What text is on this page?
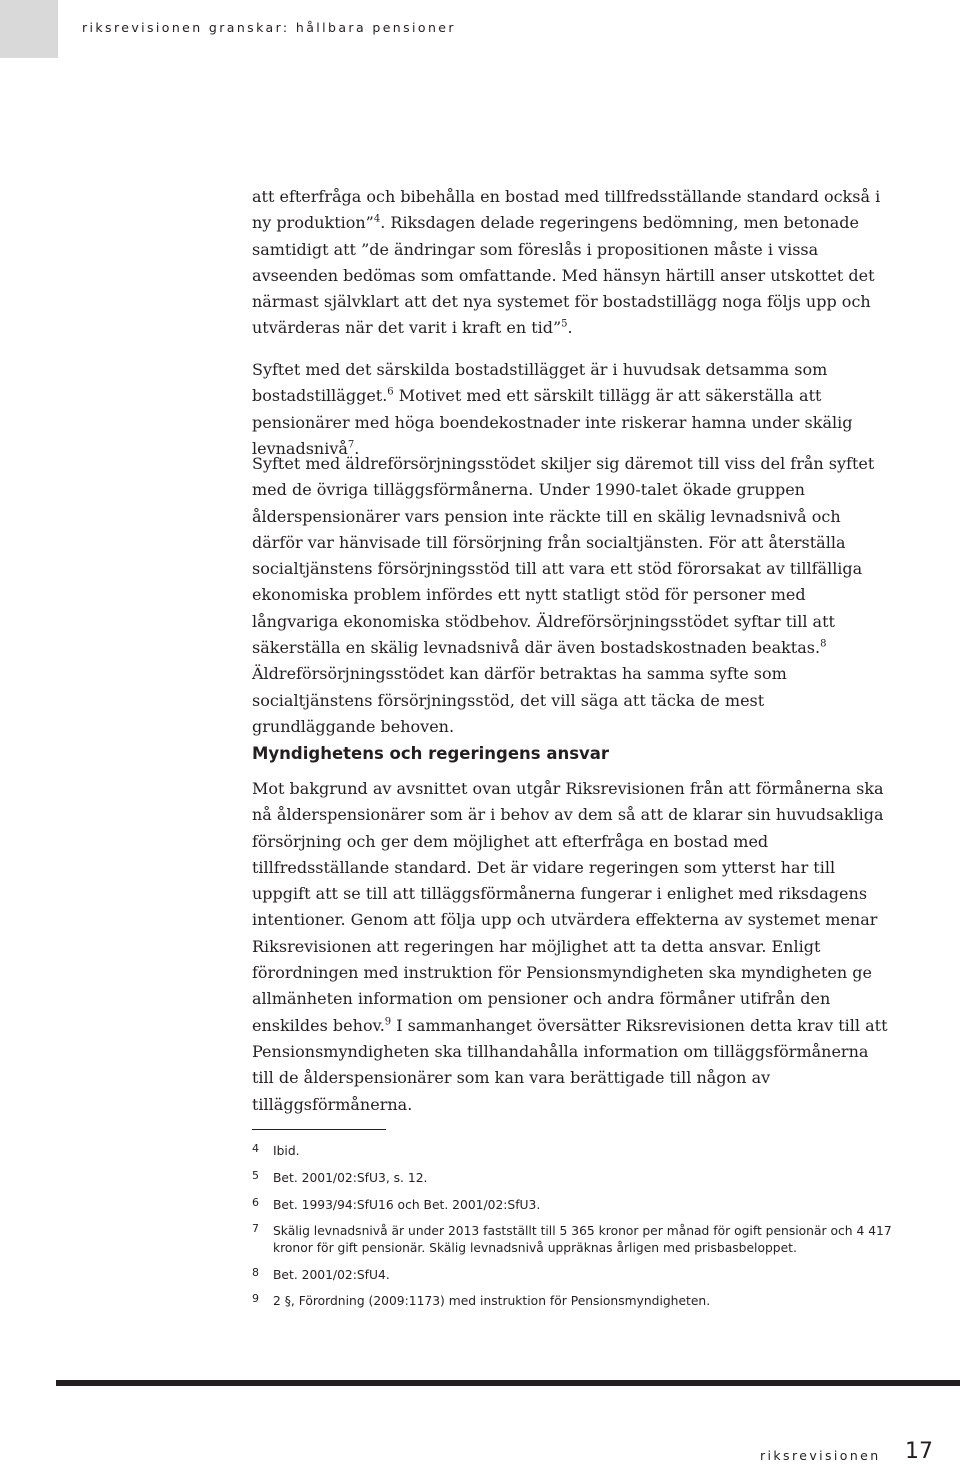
riksrevisionen granskar: hållbara pensioner

att efterfråga och bibehålla en bostad med tillfredsställande standard också i ny produktion”$^4$. Riksdagen delade regeringens bedömning, men betonade samtidigt att ”de ändringar som föreslås i propositionen måste i vissa avseenden bedömas som omfattande. Med hänsyn härtill anser utskottet det närmast självklart att det nya systemet för bostadstillägg noga följs upp och utvärderas när det varit i kraft en tid”$^5$.

Syftet med det särskilda bostadstillägget är i huvudsak detsamma som bostadstillägget.$^6$ Motivet med ett särskilt tillägg är att säkerställa att pensionärer med höga boendekostnader inte riskerar hamna under skälig levnadsnivå$^7$.

Syftet med äldreförsörjningsstödet skiljer sig däremot till viss del från syftet med de övriga tilläggsförmånerna. Under 1990-talet ökade gruppen ålderspensionärer vars pension inte räckte till en skälig levnadsnivå och därför var hänvisade till försörjning från socialtjänsten. För att återställa socialtjänstens försörjningsstöd till att vara ett stöd förorsakat av tillfälliga ekonomiska problem infördes ett nytt statligt stöd för personer med långvariga ekonomiska stödbehov. Äldreförsörjningsstödet syftar till att säkerställa en skälig levnadsnivå där även bostadskostnaden beaktas.$^8$ Äldreförsörjningsstödet kan därför betraktas ha samma syfte som socialtjänstens försörjningsstöd, det vill säga att täcka de mest grundläggande behoven.

Myndighetens och regeringens ansvar

Mot bakgrund av avsnittet ovan utgår Riksrevisionen från att förmånerna ska nå ålderspensionärer som är i behov av dem så att de klarar sin huvudsakliga försörjning och ger dem möjlighet att efterfråga en bostad med tillfredsställande standard. Det är vidare regeringen som ytterst har till uppgift att se till att tilläggsförmånerna fungerar i enlighet med riksdagens intentioner. Genom att följa upp och utvärdera effekterna av systemet menar Riksrevisionen att regeringen har möjlighet att ta detta ansvar. Enligt förordningen med instruktion för Pensionsmyndigheten ska myndigheten ge allmänheten information om pensioner och andra förmåner utifrån den enskildes behov.$^9$ I sammanhanget översätter Riksrevisionen detta krav till att Pensionsmyndigheten ska tillhandahålla information om tilläggsförmånerna till de ålderspensionärer som kan vara berättigade till någon av tilläggsförmånerna.

4 Ibid.
5 Bet. 2001/02:SfU3, s. 12.
6 Bet. 1993/94:SfU16 och Bet. 2001/02:SfU3.
7 Skälig levnadsnivå är under 2013 fastställt till 5 365 kronor per månad för ogift pensionär och 4 417 kronor för gift pensionär. Skälig levnadsnivå uppräknas årligen med prisbasbeloppet.
8 Bet. 2001/02:SfU4.
9 2 §, Förordning (2009:1173) med instruktion för Pensionsmyndigheten.
riksrevisionen 17
